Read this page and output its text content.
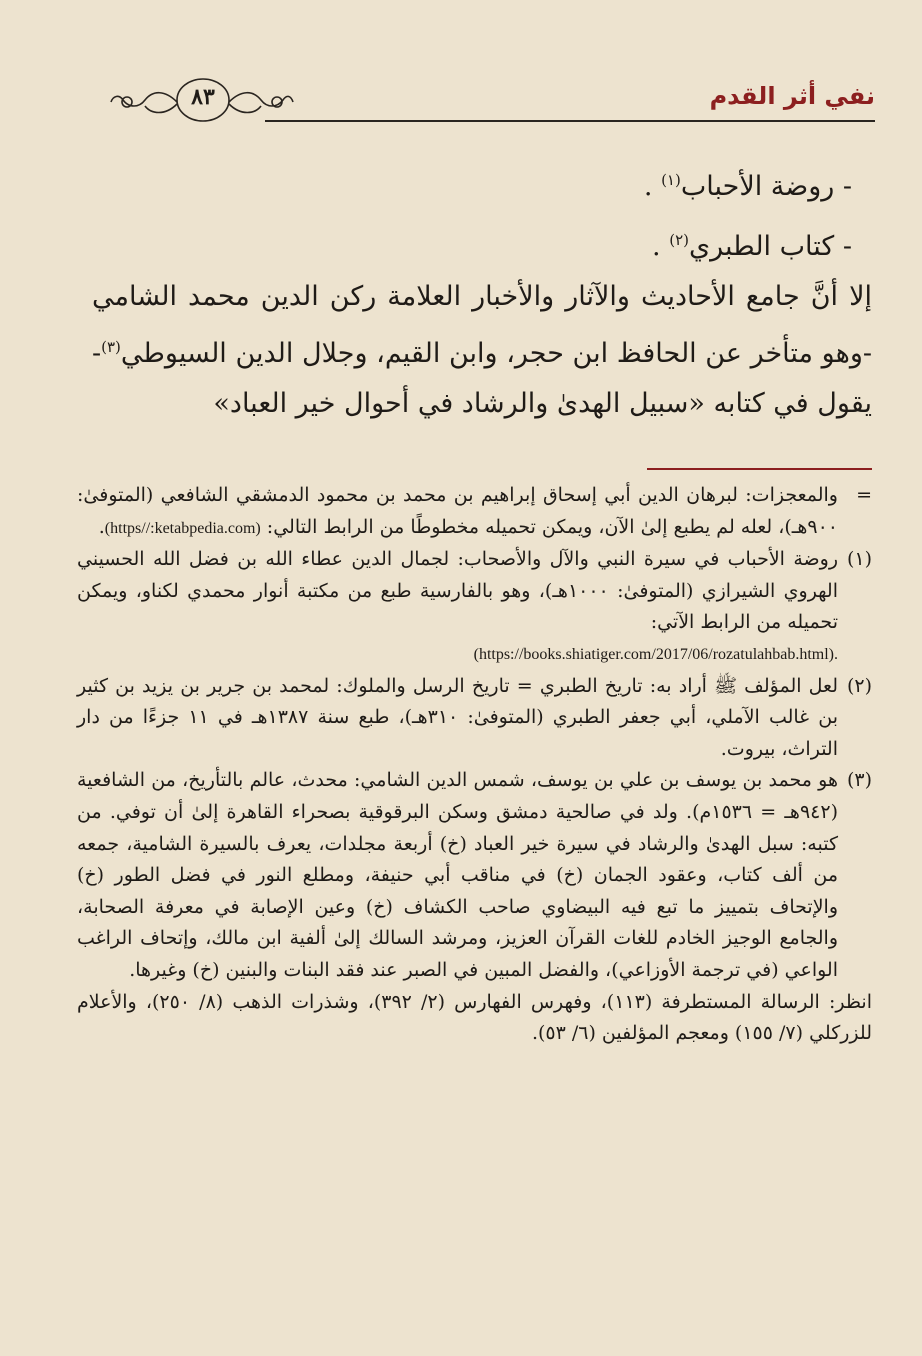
٨٣	نفي أثر القدم
- روضة الأحباب$^{(١)}$ .
- كتاب الطبري$^{(٢)}$ .
إلا أنَّ جامع الأحاديث والآثار والأخبار العلامة ركن الدين محمد الشامي -وهو متأخر عن الحافظ ابن حجر، وابن القيم، وجلال الدين السيوطي$^{(٣)}$- يقول في كتابه «سبيل الهدىٰ والرشاد في أحوال خير العباد»

=
والمعجزات: لبرهان الدين أبي إسحاق إبراهيم بن محمد بن محمود الدمشقي الشافعي (المتوفىٰ: ٩٠٠هـ)، لعله لم يطبع إلىٰ الآن، ويمكن تحميله مخطوطًا من الرابط التالي: (https//:ketabpedia.com).

(١)
روضة الأحباب في سيرة النبي والآل والأصحاب: لجمال الدين عطاء الله بن فضل الله الحسيني الهروي الشيرازي (المتوفىٰ: ١٠٠٠هـ)، وهو بالفارسية طبع من مكتبة أنوار محمدي لكناو، ويمكن تحميله من الرابط الآتي:
(https://books.shiatiger.com/2017/06/rozatulahbab.html).

(٢)
لعل المؤلف ﷺ أراد به: تاريخ الطبري = تاريخ الرسل والملوك: لمحمد بن جرير بن يزيد بن كثير بن غالب الآملي، أبي جعفر الطبري (المتوفىٰ: ٣١٠هـ)، طبع سنة ١٣٨٧هـ في ١١ جزءًا من دار التراث، بيروت.

(٣)
هو محمد بن يوسف بن علي بن يوسف، شمس الدين الشامي: محدث، عالم بالتأريخ، من الشافعية (٩٤٢هـ = ١٥٣٦م). ولد في صالحية دمشق وسكن البرقوقية بصحراء القاهرة إلىٰ أن توفي. من كتبه: سبل الهدىٰ والرشاد في سيرة خير العباد (خ) أربعة مجلدات، يعرف بالسيرة الشامية، جمعه من ألف كتاب، وعقود الجمان (خ) في مناقب أبي حنيفة، ومطلع النور في فضل الطور (خ) والإتحاف بتمييز ما تبع فيه البيضاوي صاحب الكشاف (خ) وعين الإصابة في معرفة الصحابة، والجامع الوجيز الخادم للغات القرآن العزيز، ومرشد السالك إلىٰ ألفية ابن مالك، وإتحاف الراغب الواعي (في ترجمة الأوزاعي)، والفضل المبين في الصبر عند فقد البنات والبنين (خ) وغيرها.

انظر: الرسالة المستطرفة (١١٣)، وفهرس الفهارس (٢/ ٣٩٢)، وشذرات الذهب (٨/ ٢٥٠)، والأعلام للزركلي (٧/ ١٥٥) ومعجم المؤلفين (٦/ ٥٣).
